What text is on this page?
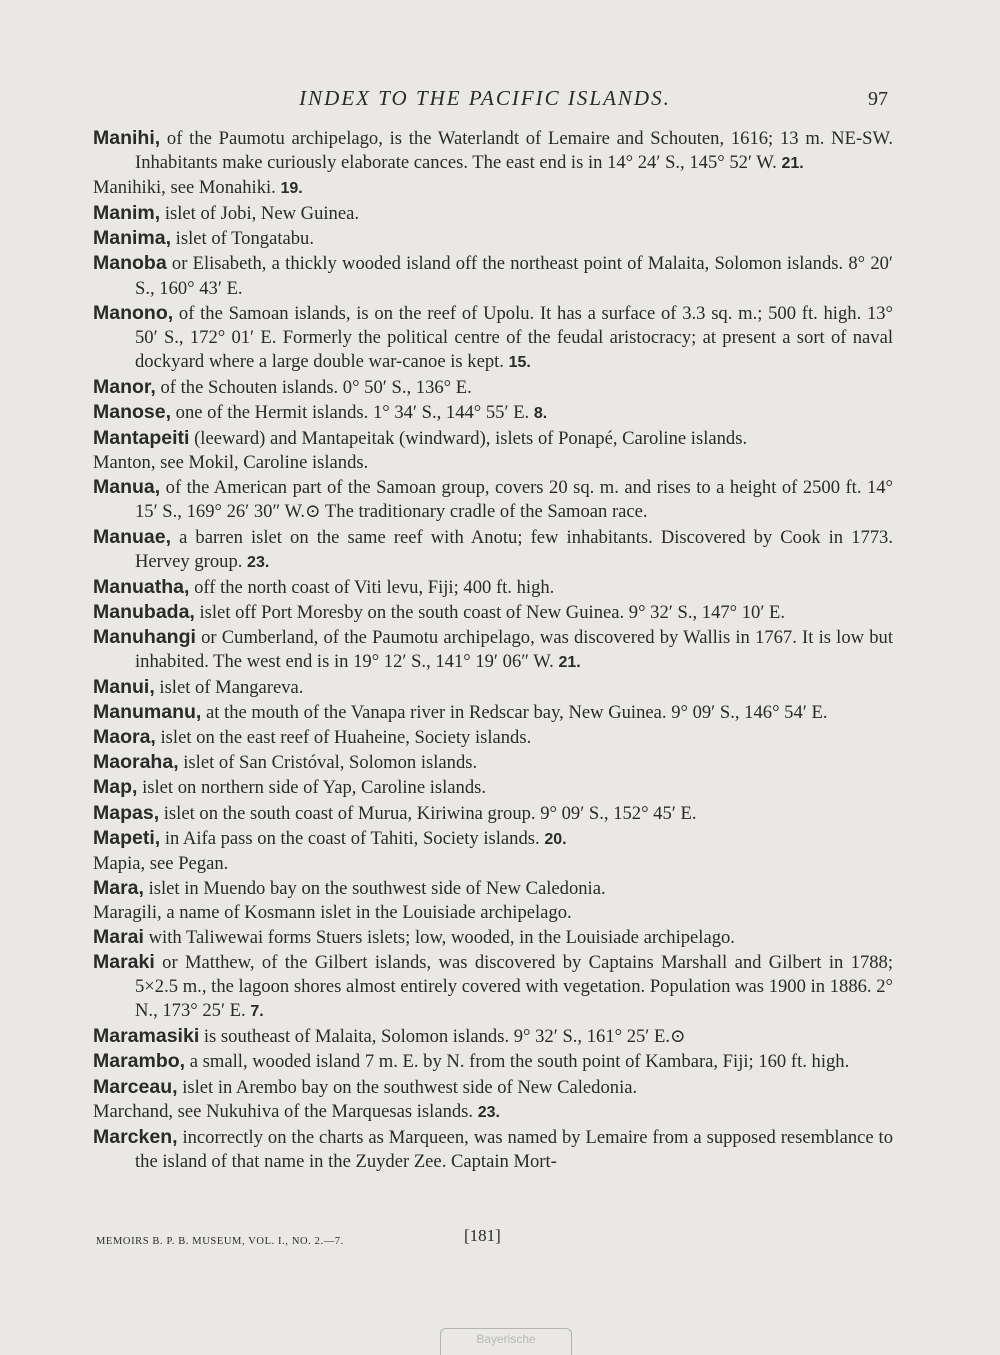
INDEX TO THE PACIFIC ISLANDS.	97
Manihi, of the Paumotu archipelago, is the Waterlandt of Lemaire and Schouten, 1616; 13 m. NE-SW. Inhabitants make curiously elaborate cances. The east end is in 14° 24′ S., 145° 52′ W. 21.
Manihiki, see Monahiki. 19.
Manim, islet of Jobi, New Guinea.
Manima, islet of Tongatabu.
Manoba or Elisabeth, a thickly wooded island off the northeast point of Malaita, Solomon islands. 8° 20′ S., 160° 43′ E.
Manono, of the Samoan islands, is on the reef of Upolu. It has a surface of 3.3 sq. m.; 500 ft. high. 13° 50′ S., 172° 01′ E. Formerly the political centre of the feudal aristocracy; at present a sort of naval dockyard where a large double war-canoe is kept. 15.
Manor, of the Schouten islands. 0° 50′ S., 136° E.
Manose, one of the Hermit islands. 1° 34′ S., 144° 55′ E. 8.
Mantapeiti (leeward) and Mantapeitak (windward), islets of Ponapé, Caroline islands.
Manton, see Mokil, Caroline islands.
Manua, of the American part of the Samoan group, covers 20 sq. m. and rises to a height of 2500 ft. 14° 15′ S., 169° 26′ 30″ W.⊙ The traditionary cradle of the Samoan race.
Manuae, a barren islet on the same reef with Anotu; few inhabitants. Discovered by Cook in 1773. Hervey group. 23.
Manuatha, off the north coast of Viti levu, Fiji; 400 ft. high.
Manubada, islet off Port Moresby on the south coast of New Guinea. 9° 32′ S., 147° 10′ E.
Manuhangi or Cumberland, of the Paumotu archipelago, was discovered by Wallis in 1767. It is low but inhabited. The west end is in 19° 12′ S., 141° 19′ 06″ W. 21.
Manui, islet of Mangareva.
Manumanu, at the mouth of the Vanapa river in Redscar bay, New Guinea. 9° 09′ S., 146° 54′ E.
Maora, islet on the east reef of Huaheine, Society islands.
Maoraha, islet of San Cristóval, Solomon islands.
Map, islet on northern side of Yap, Caroline islands.
Mapas, islet on the south coast of Murua, Kiriwina group. 9° 09′ S., 152° 45′ E.
Mapeti, in Aifa pass on the coast of Tahiti, Society islands. 20.
Mapia, see Pegan.
Mara, islet in Muendo bay on the southwest side of New Caledonia.
Maragili, a name of Kosmann islet in the Louisiade archipelago.
Marai with Taliwewai forms Stuers islets; low, wooded, in the Louisiade archipelago.
Maraki or Matthew, of the Gilbert islands, was discovered by Captains Marshall and Gilbert in 1788; 5×2.5 m., the lagoon shores almost entirely covered with vegetation. Population was 1900 in 1886. 2° N., 173° 25′ E. 7.
Maramasiki is southeast of Malaita, Solomon islands. 9° 32′ S., 161° 25′ E.⊙
Marambo, a small, wooded island 7 m. E. by N. from the south point of Kambara, Fiji; 160 ft. high.
Marceau, islet in Arembo bay on the southwest side of New Caledonia.
Marchand, see Nukuhiva of the Marquesas islands. 23.
Marcken, incorrectly on the charts as Marqueen, was named by Lemaire from a supposed resemblance to the island of that name in the Zuyder Zee. Captain Mort-
MEMOIRS B. P. B. MUSEUM, VOL. I., NO. 2.—7.	[181]
Bayerische
